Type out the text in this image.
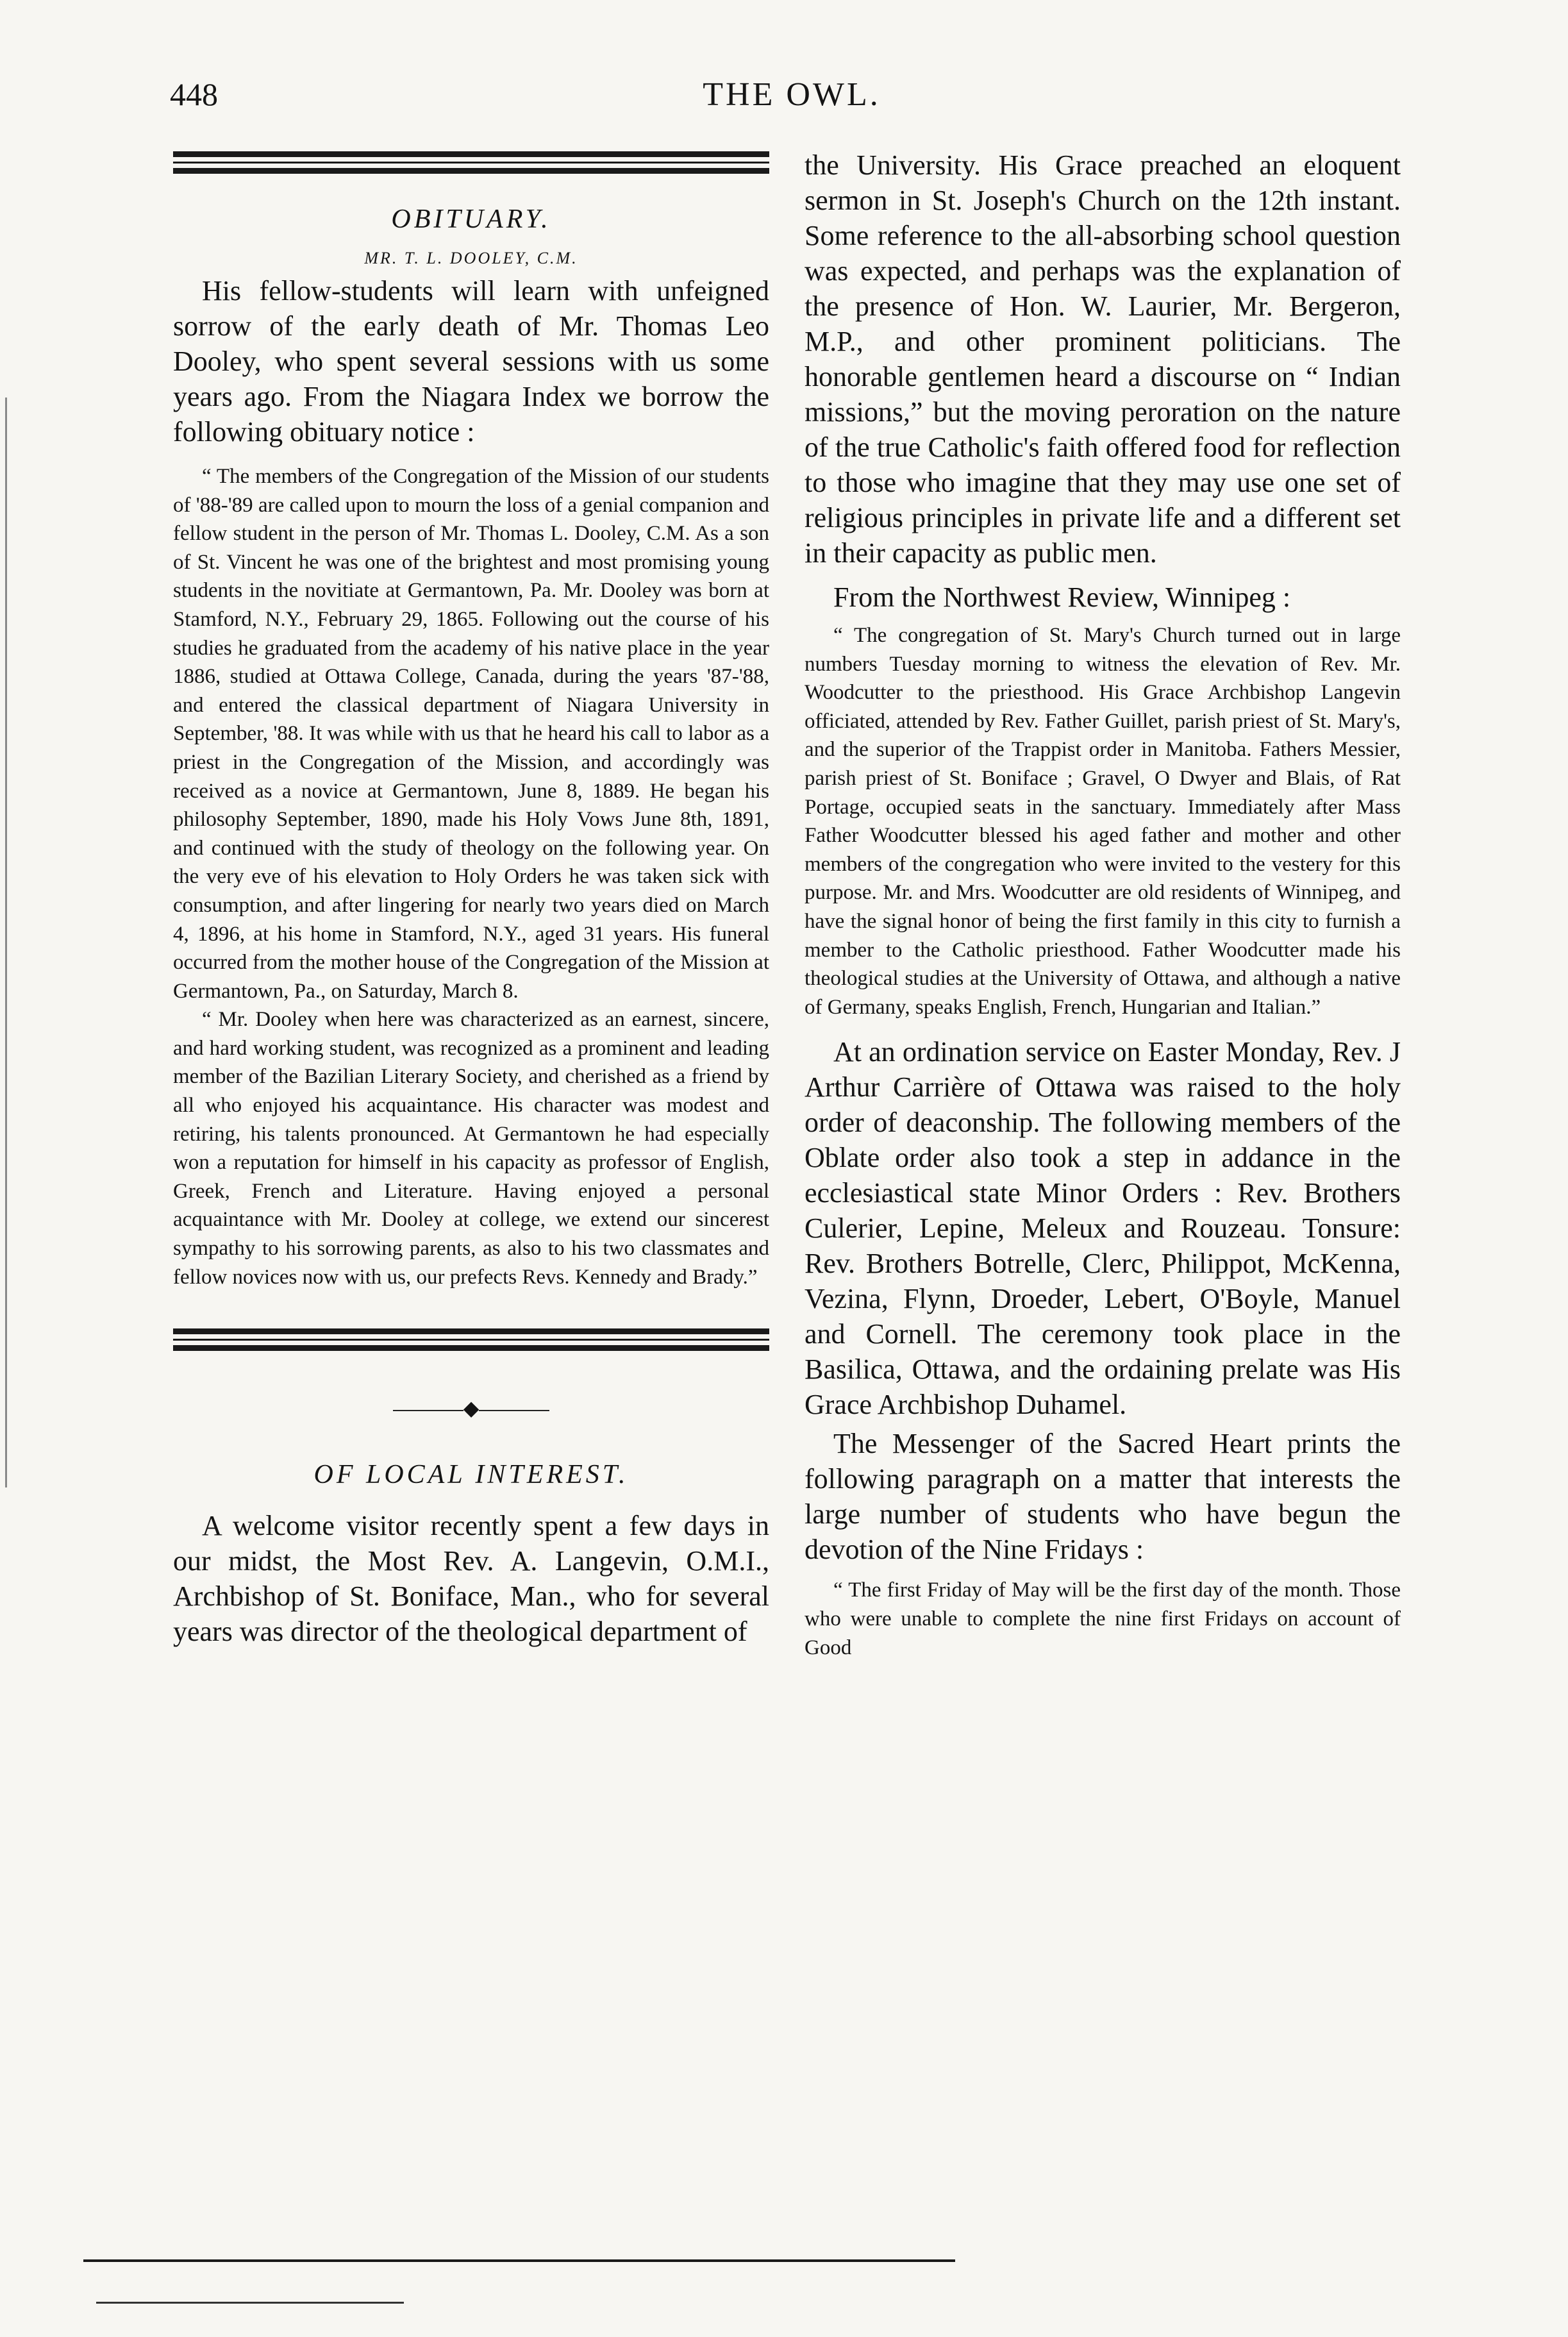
448	THE OWL.

OBITUARY.

MR. T. L. DOOLEY, C.M.

His fellow-students will learn with unfeigned sorrow of the early death of Mr. Thomas Leo Dooley, who spent several sessions with us some years ago. From the Niagara Index we borrow the following obituary notice :

“ The members of the Congregation of the Mission of our students of '88-'89 are called upon to mourn the loss of a genial companion and fellow student in the person of Mr. Thomas L. Dooley, C.M. As a son of St. Vincent he was one of the brightest and most promising young students in the novitiate at Germantown, Pa. Mr. Dooley was born at Stamford, N.Y., February 29, 1865. Following out the course of his studies he graduated from the academy of his native place in the year 1886, studied at Ottawa College, Canada, during the years '87-'88, and entered the classical department of Niagara University in September, '88. It was while with us that he heard his call to labor as a priest in the Congregation of the Mission, and accordingly was received as a novice at Germantown, June 8, 1889. He began his philosophy September, 1890, made his Holy Vows June 8th, 1891, and continued with the study of theology on the following year. On the very eve of his elevation to Holy Orders he was taken sick with consumption, and after lingering for nearly two years died on March 4, 1896, at his home in Stamford, N.Y., aged 31 years. His funeral occurred from the mother house of the Congregation of the Mission at Germantown, Pa., on Saturday, March 8.

“ Mr. Dooley when here was characterized as an earnest, sincere, and hard working student, was recognized as a prominent and leading member of the Bazilian Literary Society, and cherished as a friend by all who enjoyed his acquaintance. His character was modest and retiring, his talents pronounced. At Germantown he had especially won a reputation for himself in his capacity as professor of English, Greek, French and Literature. Having enjoyed a personal acquaintance with Mr. Dooley at college, we extend our sincerest sympathy to his sorrowing parents, as also to his two classmates and fellow novices now with us, our prefects Revs. Kennedy and Brady.”

◆

OF LOCAL INTEREST.

A welcome visitor recently spent a few days in our midst, the Most Rev. A. Langevin, O.M.I., Archbishop of St. Boniface, Man., who for several years was director of the theological department of

the University. His Grace preached an eloquent sermon in St. Joseph's Church on the 12th instant. Some reference to the all-absorbing school question was expected, and perhaps was the explanation of the presence of Hon. W. Laurier, Mr. Bergeron, M.P., and other prominent politicians. The honorable gentlemen heard a discourse on “ Indian missions,” but the moving peroration on the nature of the true Catholic's faith offered food for reflection to those who imagine that they may use one set of religious principles in private life and a different set in their capacity as public men.

From the Northwest Review, Winnipeg :

“ The congregation of St. Mary's Church turned out in large numbers Tuesday morning to witness the elevation of Rev. Mr. Woodcutter to the priesthood. His Grace Archbishop Langevin officiated, attended by Rev. Father Guillet, parish priest of St. Mary's, and the superior of the Trappist order in Manitoba. Fathers Messier, parish priest of St. Boniface ; Gravel, O Dwyer and Blais, of Rat Portage, occupied seats in the sanctuary. Immediately after Mass Father Woodcutter blessed his aged father and mother and other members of the congregation who were invited to the vestery for this purpose. Mr. and Mrs. Woodcutter are old residents of Winnipeg, and have the signal honor of being the first family in this city to furnish a member to the Catholic priesthood. Father Woodcutter made his theological studies at the University of Ottawa, and although a native of Germany, speaks English, French, Hungarian and Italian.”

At an ordination service on Easter Monday, Rev. J Arthur Carrière of Ottawa was raised to the holy order of deaconship. The following members of the Oblate order also took a step in addance in the ecclesiastical state Minor Orders : Rev. Brothers Culerier, Lepine, Meleux and Rouzeau. Tonsure: Rev. Brothers Botrelle, Clerc, Philippot, McKenna, Vezina, Flynn, Droeder, Lebert, O'Boyle, Manuel and Cornell. The ceremony took place in the Basilica, Ottawa, and the ordaining prelate was His Grace Archbishop Duhamel.

The Messenger of the Sacred Heart prints the following paragraph on a matter that interests the large number of students who have begun the devotion of the Nine Fridays :

“ The first Friday of May will be the first day of the month. Those who were unable to complete the nine first Fridays on account of Good
